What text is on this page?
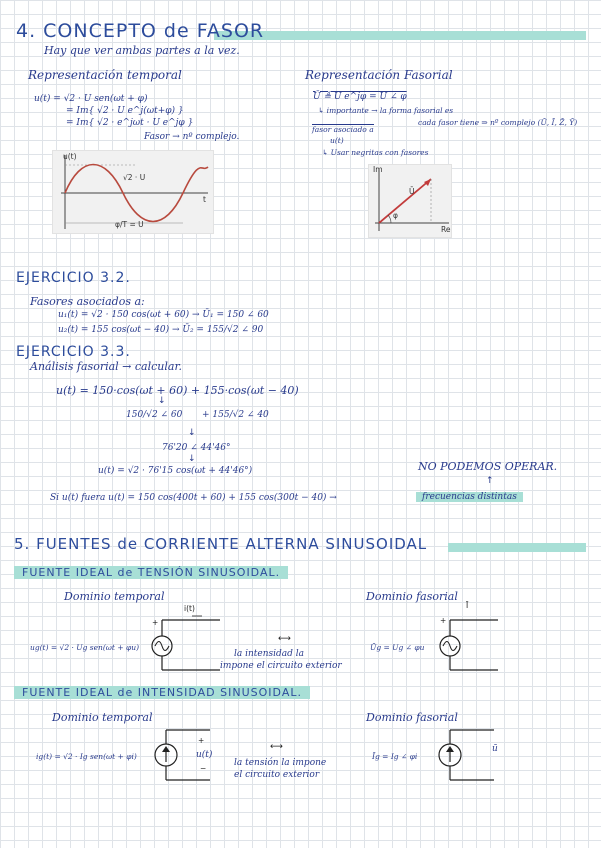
4. CONCEPTO de FASOR
Hay que ver ambas partes a la vez.
Representación temporal	Representación Fasorial
u(t) = √2 · U sen(ωt + φ)
= Im{ √2 · U e^j(ωt+φ) }
= Im{ √2 · e^jωt · U e^jφ }
Fasor → nº complejo.
u(t)
√2 · U
φ/T = U
t
Ū ≜ U e^jφ = U ∠ φ
↳ importante → la forma fasorial es
cada fasor tiene ⇒ nº complejo (Ū, Ī, Z̄, Ȳ)
fasor asociado a
u(t)
↳ Usar negritas con fasores
Im
Re
Ū
φ
EJERCICIO 3.2.
Fasores asociados a:
u₁(t) = √2 · 150 cos(ωt + 60) → Ū₁ = 150 ∠ 60
u₂(t) = 155 cos(ωt − 40) → Ū₂ = 155/√2 ∠ 90
EJERCICIO 3.3.
Análisis fasorial → calcular.
u(t) = 150·cos(ωt + 60) + 155·cos(ωt − 40)
150/√2 ∠ 60 + 155/√2 ∠ 40
76'20 ∠ 44'46°
u(t) = √2 · 76'15 cos(ωt + 44'46°)	NO PODEMOS OPERAR.
Si u(t) fuera u(t) = 150 cos(400t + 60) + 155 cos(300t − 40) →	frecuencias distintas
5. FUENTES de CORRIENTE ALTERNA SINUSOIDAL
FUENTE IDEAL de TENSIÓN SINUSOIDAL.
Dominio temporal	Dominio fasorial
i(t)
+
ug(t) = √2 · Ug sen(ωt + φu)
⟷
la intensidad la
impone el circuito exterior
+
Ī
Ūg = Ug ∠ φu
FUENTE IDEAL de INTENSIDAD SINUSOIDAL.
Dominio temporal	Dominio fasorial
+
−
u(t)
ig(t) = √2 · Ig sen(ωt + φi)
⟷
la tensión la impone
el circuito exterior
ū
Īg = Ig ∠ φi
↑
↓
↓
↓
